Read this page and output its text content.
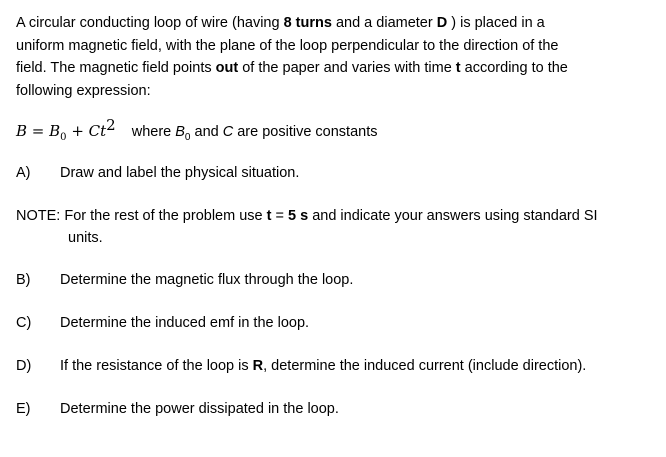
A circular conducting loop of wire (having 8 turns and a diameter D ) is placed in a
uniform magnetic field, with the plane of the loop perpendicular to the direction of the
field. The magnetic field points out of the paper and varies with time t according to the
following expression:
$B = B_0 + Ct^2$ where $B_0$ and C are positive constants
A) Draw and label the physical situation.
NOTE: For the rest of the problem use t = 5 s and indicate your answers using standard SI
units.
B) Determine the magnetic flux through the loop.
C) Determine the induced emf in the loop.
D) If the resistance of the loop is R, determine the induced current (include direction).
E) Determine the power dissipated in the loop.
